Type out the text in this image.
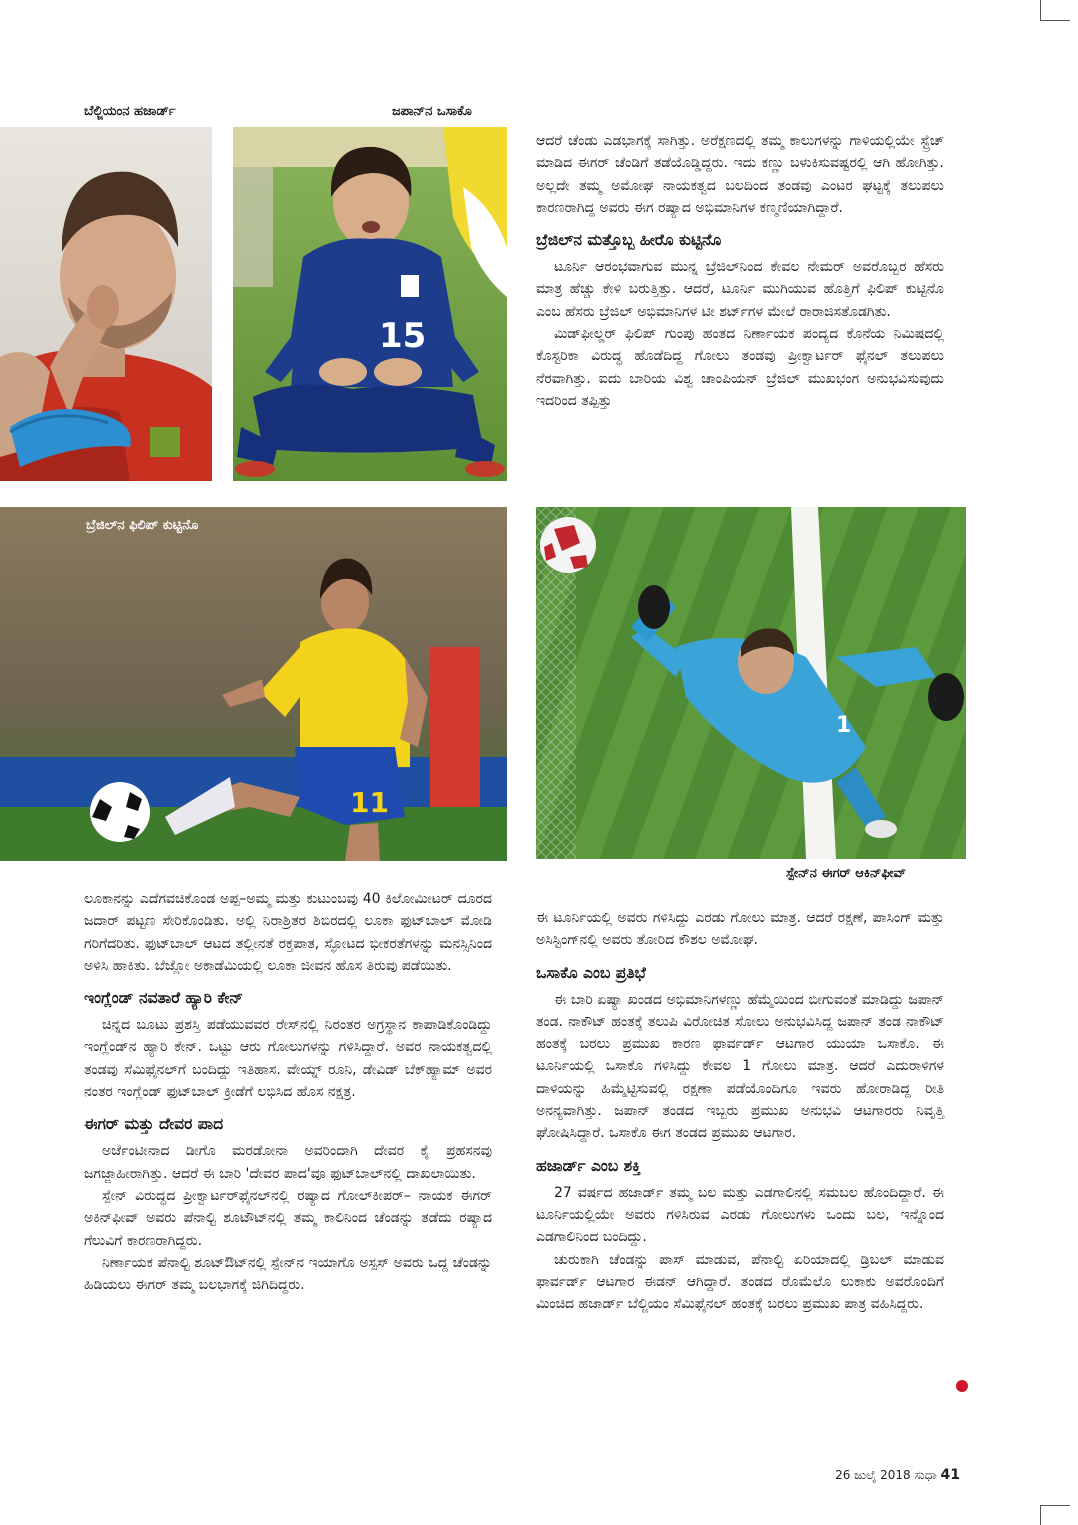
ಬೆಲ್ಜಿಯಂನ ಹಜಾರ್ಡ್	ಜಪಾನ್‌ನ ಒಸಾಕೊ
15

ಆದರೆ ಚೆಂಡು ಎಡಭಾಗಕ್ಕೆ ಸಾಗಿತ್ತು. ಅರೆಕ್ಷಣದಲ್ಲಿ ತಮ್ಮ ಕಾಲುಗಳನ್ನು ಗಾಳಿಯಲ್ಲಿಯೇ ಸ್ಟ್ರೆಚ್ ಮಾಡಿದ ಈಗರ್ ಚೆಂಡಿಗೆ ತಡೆಯೊಡ್ಡಿದ್ದರು. ಇದು ಕಣ್ಣು ಬಳುಕಿಸುವಷ್ಟರಲ್ಲಿ ಆಗಿ ಹೋಗಿತ್ತು. ಅಲ್ಲದೇ ತಮ್ಮ ಅಮೋಘ ನಾಯಕತ್ವದ ಬಲದಿಂದ ತಂಡವು ಎಂಟರ ಘಟ್ಟಕ್ಕೆ ತಲುಪಲು ಕಾರಣರಾಗಿದ್ದ ಅವರು ಈಗ ರಷ್ಯಾದ ಅಭಿಮಾನಿಗಳ ಕಣ್ಮಣಿಯಾಗಿದ್ದಾರೆ.

ಬ್ರೆಜಿಲ್‌ನ ಮತ್ತೊಬ್ಬ ಹೀರೊ ಕುಟ್ಟಿನೊ

ಟೂರ್ನಿ ಆರಂಭವಾಗುವ ಮುನ್ನ ಬ್ರೆಜಿಲ್‌ನಿಂದ ಕೇವಲ ನೇಮರ್ ಅವರೊಬ್ಬರ ಹೆಸರು ಮಾತ್ರ ಹೆಚ್ಚು ಕೇಳಿ ಬರುತ್ತಿತ್ತು. ಆದರೆ, ಟೂರ್ನಿ ಮುಗಿಯುವ ಹೊತ್ತಿಗೆ ಫಿಲಿಪ್ ಕುಟ್ಟಿನೊ ಎಂಬ ಹೆಸರು ಬ್ರೆಜಿಲ್ ಅಭಿಮಾನಿಗಳ ಟೀ ಶರ್ಟ್‌ಗಳ ಮೇಲೆ ರಾರಾಜಿಸತೊಡಗಿತು.

ಮಿಡ್‌ಫೀಲ್ಡರ್ ಫಿಲಿಪ್ ಗುಂಪು ಹಂತದ ನಿರ್ಣಾಯಕ ಪಂದ್ಯದ ಕೊನೆಯ ನಿಮಿಷದಲ್ಲಿ ಕೊಸ್ಟರಿಕಾ ವಿರುದ್ಧ ಹೊಡೆದಿದ್ದ ಗೋಲು ತಂಡವು ಪ್ರೀಕ್ವಾರ್ಟರ್ ಫೈನಲ್ ತಲುಪಲು ನೆರವಾಗಿತ್ತು. ಐದು ಬಾರಿಯ ವಿಶ್ವ ಚಾಂಪಿಯನ್ ಬ್ರೆಜಿಲ್ ಮುಖಭಂಗ ಅನುಭವಿಸುವುದು ಇದರಿಂದ ತಪ್ಪಿತ್ತು

11
ಬ್ರೆಜಿಲ್‌ನ ಫಿಲಿಪ್ ಕುಟ್ಟಿನೊ
1
ಸ್ಪೇನ್‌ನ ಈಗರ್ ಆಕಿನ್‌ಫೀವ್

ಲೂಕಾನನ್ನು ಎದೆಗವಚಿಕೊಂಡ ಅಪ್ಪ–ಅಮ್ಮ ಮತ್ತು ಕುಟುಂಬವು 40 ಕಿಲೋಮೀಟರ್ ದೂರದ ಜದಾರ್ ಪಟ್ಟಣ ಸೇರಿಕೊಂಡಿತು. ಅಲ್ಲಿ ನಿರಾಶ್ರಿತರ ಶಿಬಿರದಲ್ಲಿ ಲೂಕಾ ಫುಟ್‌ಬಾಲ್ ಮೋಡಿ ಗರಿಗೆದರಿತು. ಫುಟ್‌ಬಾಲ್ ಆಟದ ತಲ್ಲೀನತೆ ರಕ್ತಪಾತ, ಸ್ಫೋಟದ ಭೀಕರತೆಗಳನ್ನು ಮನಸ್ಸಿನಿಂದ ಅಳಿಸಿ ಹಾಕಿತು. ಬೆಜ್ಲೋ ಅಕಾಡೆಮಿಯಲ್ಲಿ ಲೂಕಾ ಜೀವನ ಹೊಸ ತಿರುವು ಪಡೆಯಿತು.

ಇಂಗ್ಲೆಂಡ್ ನವತಾರೆ ಹ್ಯಾರಿ ಕೇನ್

ಚಿನ್ನದ ಬೂಟು ಪ್ರಶಸ್ತಿ ಪಡೆಯುವವರ ರೇಸ್‌ನಲ್ಲಿ ನಿರಂತರ ಅಗ್ರಸ್ಥಾನ ಕಾಪಾಡಿಕೊಂಡಿದ್ದು ಇಂಗ್ಲೆಂಡ್‌ನ ಹ್ಯಾರಿ ಕೇನ್. ಒಟ್ಟು ಆರು ಗೋಲುಗಳನ್ನು ಗಳಿಸಿದ್ದಾರೆ. ಅವರ ನಾಯಕತ್ವದಲ್ಲಿ ತಂಡವು ಸೆಮಿಫೈನಲ್‌ಗೆ ಬಂದಿದ್ದು ಇತಿಹಾಸ. ವೇಯ್ನ್ ರೂನಿ, ಡೇವಿಡ್ ಬೆಕ್‌ಹ್ಯಾಮ್ ಅವರ ನಂತರ ಇಂಗ್ಲೆಂಡ್ ಫುಟ್‌ಬಾಲ್ ಕ್ರೀಡೆಗೆ ಲಭಿಸಿದ ಹೊಸ ನಕ್ಷತ್ರ.

ಈಗರ್ ಮತ್ತು ದೇವರ ಪಾದ

ಅರ್ಜೆಂಟೀನಾದ ಡೀಗೊ ಮರಡೋನಾ ಅವರಿಂದಾಗಿ ದೇವರ ಕೈ ಪ್ರಹಸನವು ಜಗಜ್ಜಾಹೀರಾಗಿತ್ತು. ಆದರೆ ಈ ಬಾರಿ 'ದೇವರ ಪಾದ'ವೂ ಫುಟ್‌ಬಾಲ್‌ನಲ್ಲಿ ದಾಖಲಾಯಿತು.

ಸ್ಪೇನ್ ವಿರುದ್ಧದ ಪ್ರೀಕ್ವಾರ್ಟರ್‌ಫೈನಲ್‌ನಲ್ಲಿ ರಷ್ಯಾದ ಗೋಲ್‌ಕೀಪರ್– ನಾಯಕ ಈಗರ್ ಅಕಿನ್‌ಫೀವ್ ಅವರು ಪೆನಾಲ್ಟಿ ಶೂಟೌಟ್‌ನಲ್ಲಿ ತಮ್ಮ ಕಾಲಿನಿಂದ ಚೆಂಡನ್ನು ತಡೆದು ರಷ್ಯಾದ ಗೆಲುವಿಗೆ ಕಾರಣರಾಗಿದ್ದರು.

ನಿರ್ಣಾಯಕ ಪೆನಾಲ್ಟಿ ಶೂಟ್‌ಔಟ್‌ನಲ್ಲಿ ಸ್ಪೇನ್‌ನ ಇಯಾಗೊ ಅಸ್ಪಸ್ ಅವರು ಒದ್ದ ಚೆಂಡನ್ನು ಹಿಡಿಯಲು ಈಗರ್ ತಮ್ಮ ಬಲಭಾಗಕ್ಕೆ ಜಿಗಿದಿದ್ದರು.

ಈ ಟೂರ್ನಿಯಲ್ಲಿ ಅವರು ಗಳಿಸಿದ್ದು ಎರಡು ಗೋಲು ಮಾತ್ರ. ಆದರೆ ರಕ್ಷಣೆ, ಪಾಸಿಂಗ್ ಮತ್ತು ಅಸಿಸ್ಟಿಂಗ್‌ನಲ್ಲಿ ಅವರು ತೋರಿದ ಕೌಶಲ ಅಮೋಘ.

ಒಸಾಕೊ ಎಂಬ ಪ್ರತಿಭೆ

ಈ ಬಾರಿ ಏಷ್ಯಾ ಖಂಡದ ಅಭಿಮಾನಿಗಳಣ್ಣು ಹೆಮ್ಮೆಯಿಂದ ಬೀಗುವಂತೆ ಮಾಡಿದ್ದು ಜಪಾನ್ ತಂಡ. ನಾಕೌಟ್ ಹಂತಕ್ಕೆ ತಲುಪಿ ವಿರೋಚಿತ ಸೋಲು ಅನುಭವಿಸಿದ್ದ ಜಪಾನ್ ತಂಡ ನಾಕೌಟ್ ಹಂತಕ್ಕೆ ಬರಲು ಪ್ರಮುಖ ಕಾರಣ ಫಾರ್ವರ್ಡ್ ಆಟಗಾರ ಯುಯಾ ಒಸಾಕೊ. ಈ ಟೂರ್ನಿಯಲ್ಲಿ ಒಸಾಕೊ ಗಳಿಸಿದ್ದು ಕೇವಲ 1 ಗೋಲು ಮಾತ್ರ. ಆದರೆ ಎದುರಾಳಿಗಳ ದಾಳಿಯನ್ನು ಹಿಮ್ಮೆಟ್ಟಿಸುವಲ್ಲಿ ರಕ್ಷಣಾ ಪಡೆಯೊಂದಿಗೂ ಇವರು ಹೋರಾಡಿದ್ದ ರೀತಿ ಅನನ್ಯವಾಗಿತ್ತು. ಜಪಾನ್ ತಂಡದ ಇಬ್ಬರು ಪ್ರಮುಖ ಅನುಭವಿ ಆಟಗಾರರು ನಿವೃತ್ತಿ ಘೋಷಿಸಿದ್ದಾರೆ. ಒಸಾಕೊ ಈಗ ತಂಡದ ಪ್ರಮುಖ ಆಟಗಾರ.

ಹಜಾರ್ಡ್ ಎಂಬ ಶಕ್ತಿ

27 ವರ್ಷದ ಹಜಾರ್ಡ್ ತಮ್ಮ ಬಲ ಮತ್ತು ಎಡಗಾಲಿನಲ್ಲಿ ಸಮಬಲ ಹೊಂದಿದ್ದಾರೆ. ಈ ಟೂರ್ನಿಯಲ್ಲಿಯೇ ಅವರು ಗಳಿಸಿರುವ ಎರಡು ಗೋಲುಗಳು ಒಂದು ಬಲ, ಇನ್ನೊಂದ ಎಡಗಾಲಿನಿಂದ ಬಂದಿದ್ದು.

ಚುರುಕಾಗಿ ಚೆಂಡನ್ನು ಪಾಸ್ ಮಾಡುವ, ಪೆನಾಲ್ಟಿ ಏರಿಯಾದಲ್ಲಿ ಡ್ರಿಬಲ್ ಮಾಡುವ ಫಾರ್ವರ್ಡ್ ಆಟಗಾರ ಈಡನ್ ಆಗಿದ್ದಾರೆ. ತಂಡದ ರೊಮೆಲೊ ಲುಕಾಕು ಅವರೊಂದಿಗೆ ಮಿಂಚಿದ ಹಜಾರ್ಡ್ ಬೆಲ್ಜಿಯಂ ಸೆಮಿಫೈನಲ್ ಹಂತಕ್ಕೆ ಬರಲು ಪ್ರಮುಖ ಪಾತ್ರ ವಹಿಸಿದ್ದರು.

26 ಜುಲೈ 2018 ಸುಧಾ 41
